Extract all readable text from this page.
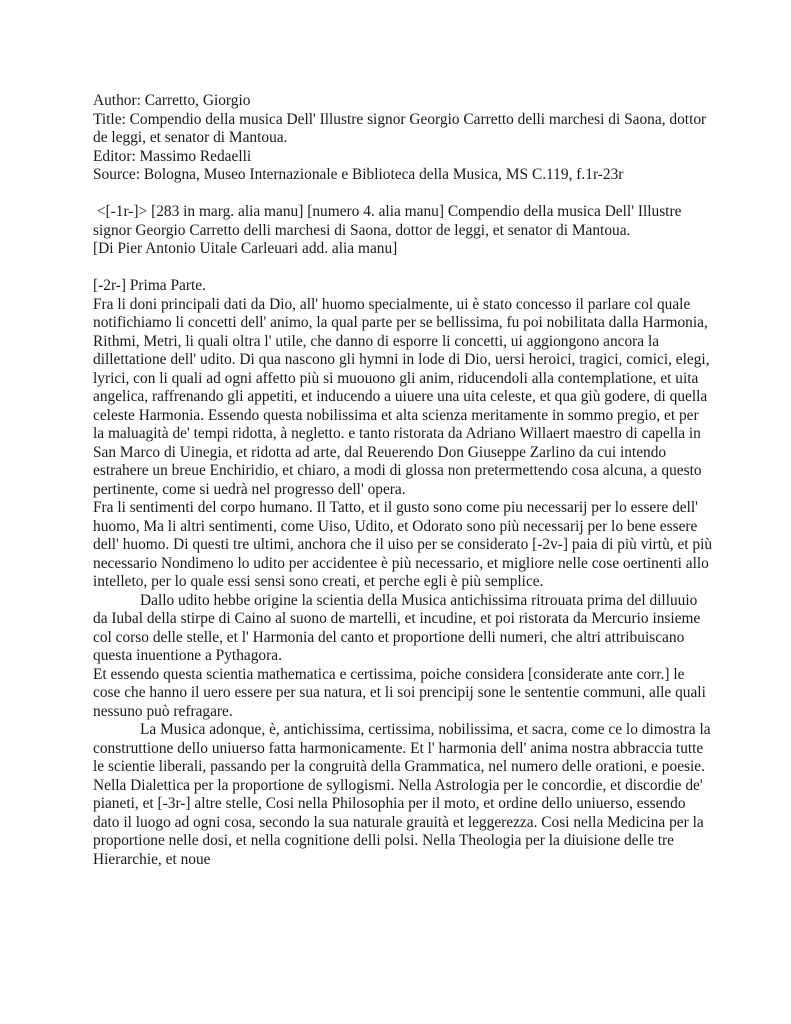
Author: Carretto, Giorgio

Title: Compendio della musica Dell' Illustre signor Georgio Carretto delli marchesi di Saona, dottor de leggi, et senator di Mantoua.

Editor: Massimo Redaelli

Source: Bologna, Museo Internazionale e Biblioteca della Musica, MS C.119, f.1r-23r

<[-1r-]> [283 in marg. alia manu] [numero 4. alia manu] Compendio della musica Dell' Illustre signor Georgio Carretto delli marchesi di Saona, dottor de leggi, et senator di Mantoua.

[Di Pier Antonio Uitale Carleuari add. alia manu]

[-2r-] Prima Parte.

Fra li doni principali dati da Dio, all' huomo specialmente, ui è stato concesso il parlare col quale notifichiamo li concetti dell' animo, la qual parte per se bellissima, fu poi nobilitata dalla Harmonia, Rithmi, Metri, li quali oltra l' utile, che danno di esporre li concetti, ui aggiongono ancora la dillettatione dell' udito. Di qua nascono gli hymni in lode di Dio, uersi heroici, tragici, comici, elegi, lyrici, con li quali ad ogni affetto più si muouono gli anim, riducendoli alla contemplatione, et uita angelica, raffrenando gli appetiti, et inducendo a uiuere una uita celeste, et qua giù godere, di quella celeste Harmonia. Essendo questa nobilissima et alta scienza meritamente in sommo pregio, et per la maluagità de' tempi ridotta, à negletto. e tanto ristorata da Adriano Willaert maestro di capella in San Marco di Uinegia, et ridotta ad arte, dal Reuerendo Don Giuseppe Zarlino da cui intendo estrahere un breue Enchiridio, et chiaro, a modi di glossa non pretermettendo cosa alcuna, a questo pertinente, come si uedrà nel progresso dell' opera.

Fra li sentimenti del corpo humano. Il Tatto, et il gusto sono come piu necessarij per lo essere dell' huomo, Ma li altri sentimenti, come Uiso, Udito, et Odorato sono più necessarij per lo bene essere dell' huomo. Di questi tre ultimi, anchora che il uiso per se considerato [-2v-] paia di più virtù, et più necessario Nondimeno lo udito per accidentee è più necessario, et migliore nelle cose oertinenti allo intelleto, per lo quale essi sensi sono creati, et perche egli è più semplice.

Dallo udito hebbe origine la scientia della Musica antichissima ritrouata prima del dilluuio da Iubal della stirpe di Caino al suono de martelli, et incudine, et poi ristorata da Mercurio insieme col corso delle stelle, et l' Harmonia del canto et proportione delli numeri, che altri attribuiscano questa inuentione a Pythagora.

Et essendo questa scientia mathematica e certissima, poiche considera [considerate ante corr.] le cose che hanno il uero essere per sua natura, et li soi prencipij sone le sententie communi, alle quali nessuno può refragare.

La Musica adonque, è, antichissima, certissima, nobilissima, et sacra, come ce lo dimostra la construttione dello uniuerso fatta harmonicamente. Et l' harmonia dell' anima nostra abbraccia tutte le scientie liberali, passando per la congruità della Grammatica, nel numero delle orationi, e poesie. Nella Dialettica per la proportione de syllogismi. Nella Astrologia per le concordie, et discordie de' pianeti, et [-3r-] altre stelle, Cosi nella Philosophia per il moto, et ordine dello uniuerso, essendo dato il luogo ad ogni cosa, secondo la sua naturale grauità et leggerezza. Cosi nella Medicina per la proportione nelle dosi, et nella cognitione delli polsi. Nella Theologia per la diuisione delle tre Hierarchie, et noue
